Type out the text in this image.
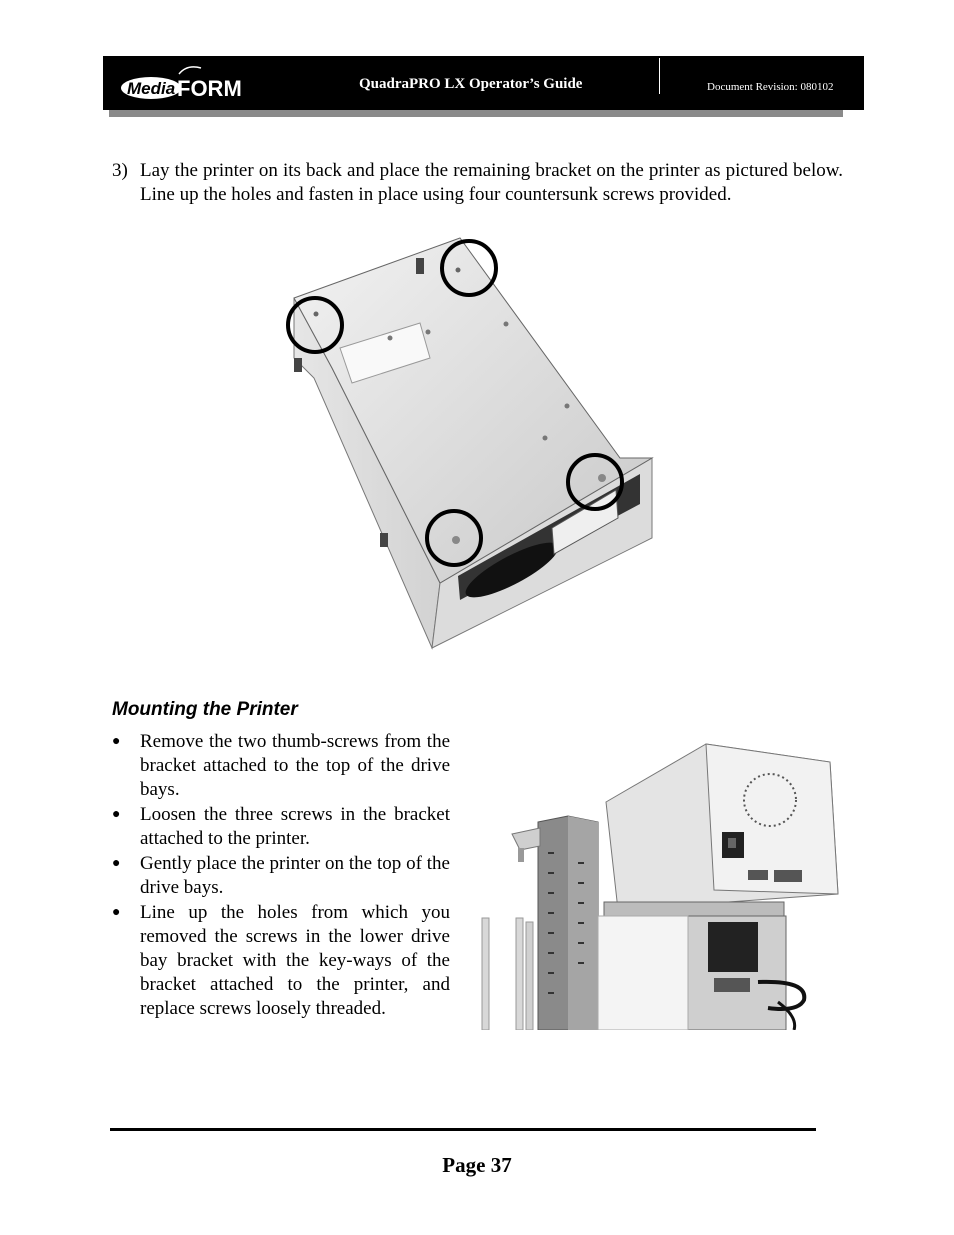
Media FORM	QuadraPRO LX Operator’s Guide	Document Revision: 080102
3) Lay the printer on its back and place the remaining bracket on the printer as pictured below. Line up the holes and fasten in place using four countersunk screws provided.
Mounting the Printer
● Remove the two thumb-screws from the bracket attached to the top of the drive bays.
● Loosen the three screws in the bracket attached to the printer.
● Gently place the printer on the top of the drive bays.
● Line up the holes from which you removed the screws in the lower drive bay bracket with the key-ways of the bracket attached to the printer, and replace screws loosely threaded.
Page 37
